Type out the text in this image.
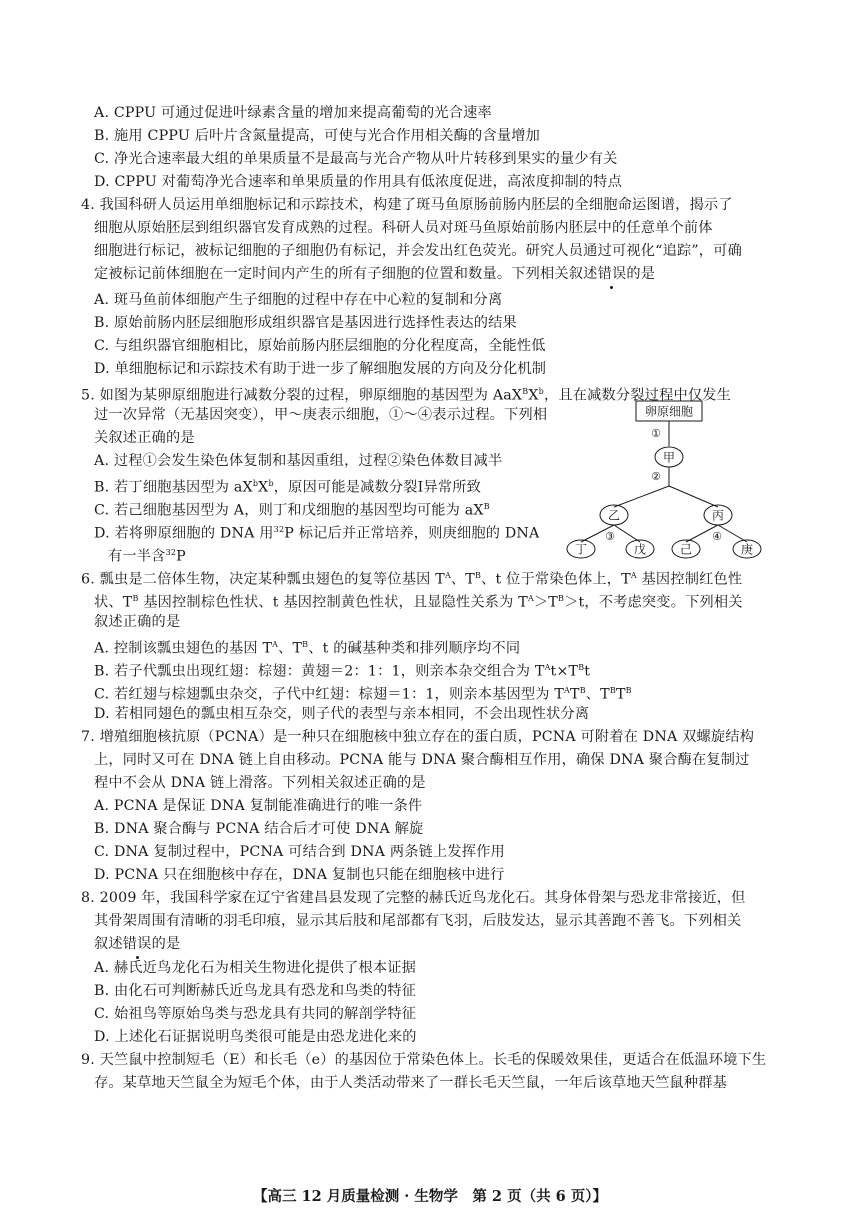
A. CPPU 可通过促进叶绿素含量的增加来提高葡萄的光合速率
B. 施用 CPPU 后叶片含氮量提高，可使与光合作用相关酶的含量增加
C. 净光合速率最大组的单果质量不是最高与光合产物从叶片转移到果实的量少有关
D. CPPU 对葡萄净光合速率和单果质量的作用具有低浓度促进，高浓度抑制的特点
4. 我国科研人员运用单细胞标记和示踪技术，构建了斑马鱼原肠前肠内胚层的全细胞命运图谱，揭示了
细胞从原始胚层到组织器官发育成熟的过程。科研人员对斑马鱼原始前肠内胚层中的任意单个前体
细胞进行标记，被标记细胞的子细胞仍有标记，并会发出红色荧光。研究人员通过可视化“追踪”，可确
定被标记前体细胞在一定时间内产生的所有子细胞的位置和数量。下列相关叙述错误的是
A. 斑马鱼前体细胞产生子细胞的过程中存在中心粒的复制和分离
B. 原始前肠内胚层细胞形成组织器官是基因进行选择性表达的结果
C. 与组织器官细胞相比，原始前肠内胚层细胞的分化程度高，全能性低
D. 单细胞标记和示踪技术有助于进一步了解细胞发展的方向及分化机制
5. 如图为某卵原细胞进行减数分裂的过程，卵原细胞的基因型为 $AaX^BX^b$，且在减数分裂过程中仅发生
过一次异常（无基因突变），甲～庚表示细胞，①～④表示过程。下列相
关叙述正确的是
A. 过程①会发生染色体复制和基因重组，过程②染色体数目减半
B. 若丁细胞基因型为 $aX^bX^b$，原因可能是减数分裂Ⅰ异常所致
C. 若己细胞基因型为 A，则丁和戊细胞的基因型均可能为 $aX^B$
D. 若将卵原细胞的 DNA 用$^{32}$P 标记后并正常培养，则庚细胞的 DNA
有一半含$^{32}$P
卵原细胞
①
甲
②
乙	丙
③	④
丁	戊	己	庚
6. 瓢虫是二倍体生物，决定某种瓢虫翅色的复等位基因 $T^A$、$T^B$、t 位于常染色体上，$T^A$ 基因控制红色性
状、$T^B$ 基因控制棕色性状、t 基因控制黄色性状，且显隐性关系为 $T^A>T^B>t$，不考虑突变。下列相关
叙述正确的是
A. 控制该瓢虫翅色的基因 $T^A$、$T^B$、t 的碱基种类和排列顺序均不同
B. 若子代瓢虫出现红翅：棕翅：黄翅＝2：1：1，则亲本杂交组合为 $T^At\times T^Bt$
C. 若红翅与棕翅瓢虫杂交，子代中红翅：棕翅＝1：1，则亲本基因型为 $T^AT^B$、$T^BT^B$
D. 若相同翅色的瓢虫相互杂交，则子代的表型与亲本相同，不会出现性状分离
7. 增殖细胞核抗原（PCNA）是一种只在细胞核中独立存在的蛋白质，PCNA 可附着在 DNA 双螺旋结构
上，同时又可在 DNA 链上自由移动。PCNA 能与 DNA 聚合酶相互作用，确保 DNA 聚合酶在复制过
程中不会从 DNA 链上滑落。下列相关叙述正确的是
A. PCNA 是保证 DNA 复制能准确进行的唯一条件
B. DNA 聚合酶与 PCNA 结合后才可使 DNA 解旋
C. DNA 复制过程中，PCNA 可结合到 DNA 两条链上发挥作用
D. PCNA 只在细胞核中存在，DNA 复制也只能在细胞核中进行
8. 2009 年，我国科学家在辽宁省建昌县发现了完整的赫氏近鸟龙化石。其身体骨架与恐龙非常接近，但
其骨架周围有清晰的羽毛印痕，显示其后肢和尾部都有飞羽，后肢发达，显示其善跑不善飞。下列相关
叙述错误的是
A. 赫氏近鸟龙化石为相关生物进化提供了根本证据
B. 由化石可判断赫氏近鸟龙具有恐龙和鸟类的特征
C. 始祖鸟等原始鸟类与恐龙具有共同的解剖学特征
D. 上述化石证据说明鸟类很可能是由恐龙进化来的
9. 天竺鼠中控制短毛（E）和长毛（e）的基因位于常染色体上。长毛的保暖效果佳，更适合在低温环境下生
存。某草地天竺鼠全为短毛个体，由于人类活动带来了一群长毛天竺鼠，一年后该草地天竺鼠种群基
【高三 12 月质量检测 · 生物学　第 2 页（共 6 页）】
